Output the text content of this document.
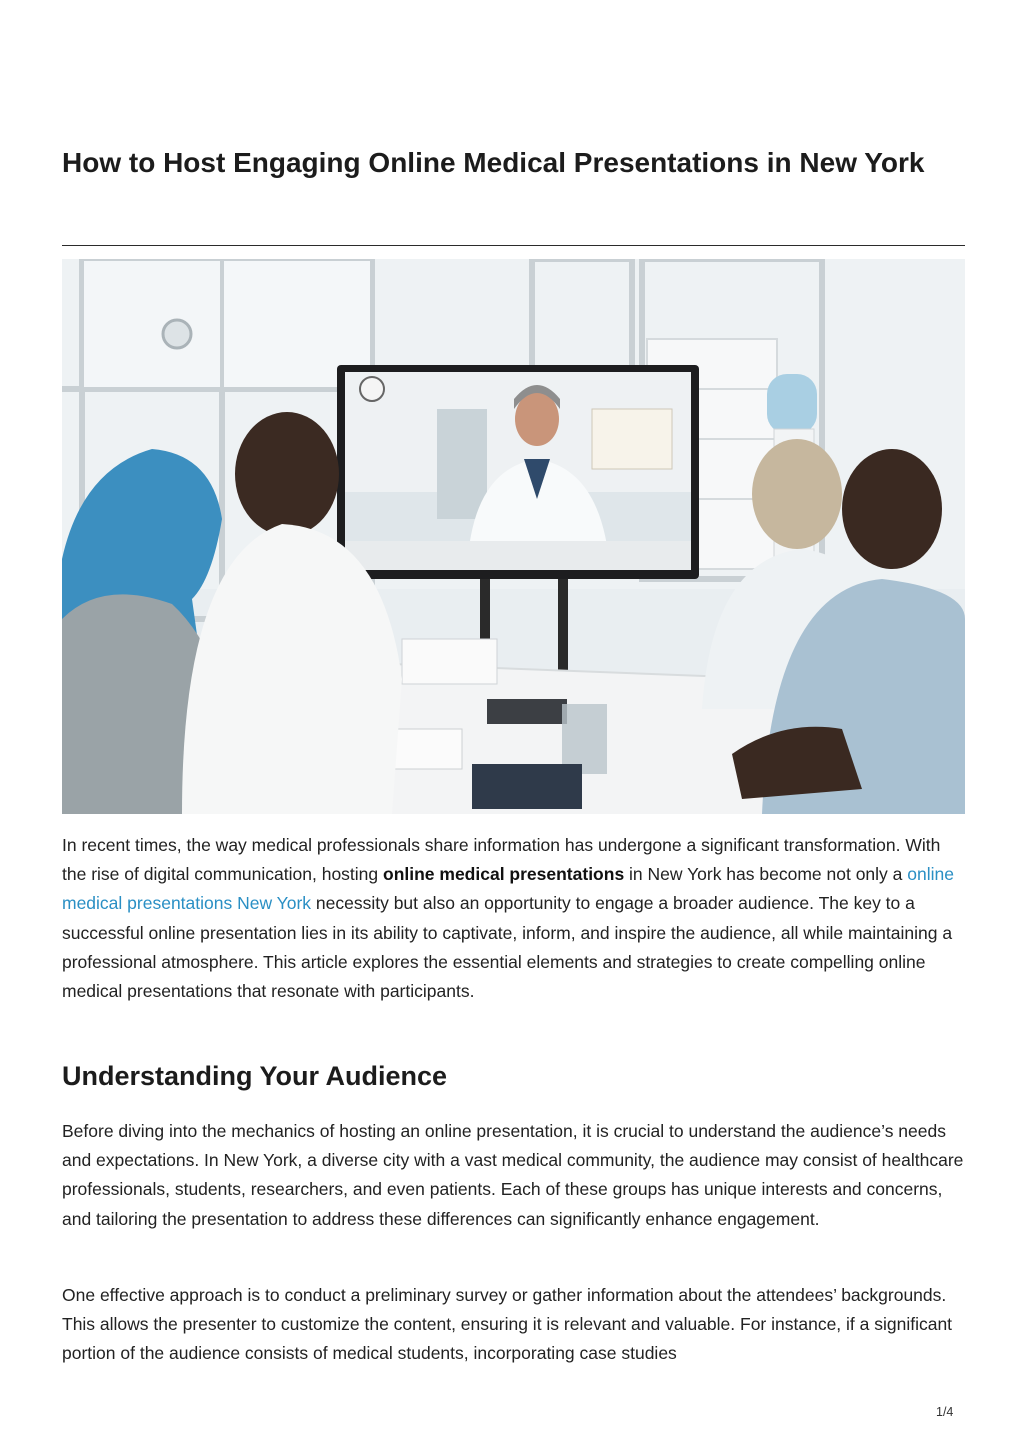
How to Host Engaging Online Medical Presentations in New York

In recent times, the way medical professionals share information has undergone a significant transformation. With the rise of digital communication, hosting online medical presentations in New York has become not only a online medical presentations New York necessity but also an opportunity to engage a broader audience. The key to a successful online presentation lies in its ability to captivate, inform, and inspire the audience, all while maintaining a professional atmosphere. This article explores the essential elements and strategies to create compelling online medical presentations that resonate with participants.

Understanding Your Audience

Before diving into the mechanics of hosting an online presentation, it is crucial to understand the audience’s needs and expectations. In New York, a diverse city with a vast medical community, the audience may consist of healthcare professionals, students, researchers, and even patients. Each of these groups has unique interests and concerns, and tailoring the presentation to address these differences can significantly enhance engagement.

One effective approach is to conduct a preliminary survey or gather information about the attendees’ backgrounds. This allows the presenter to customize the content, ensuring it is relevant and valuable. For instance, if a significant portion of the audience consists of medical students, incorporating case studies

1/4
